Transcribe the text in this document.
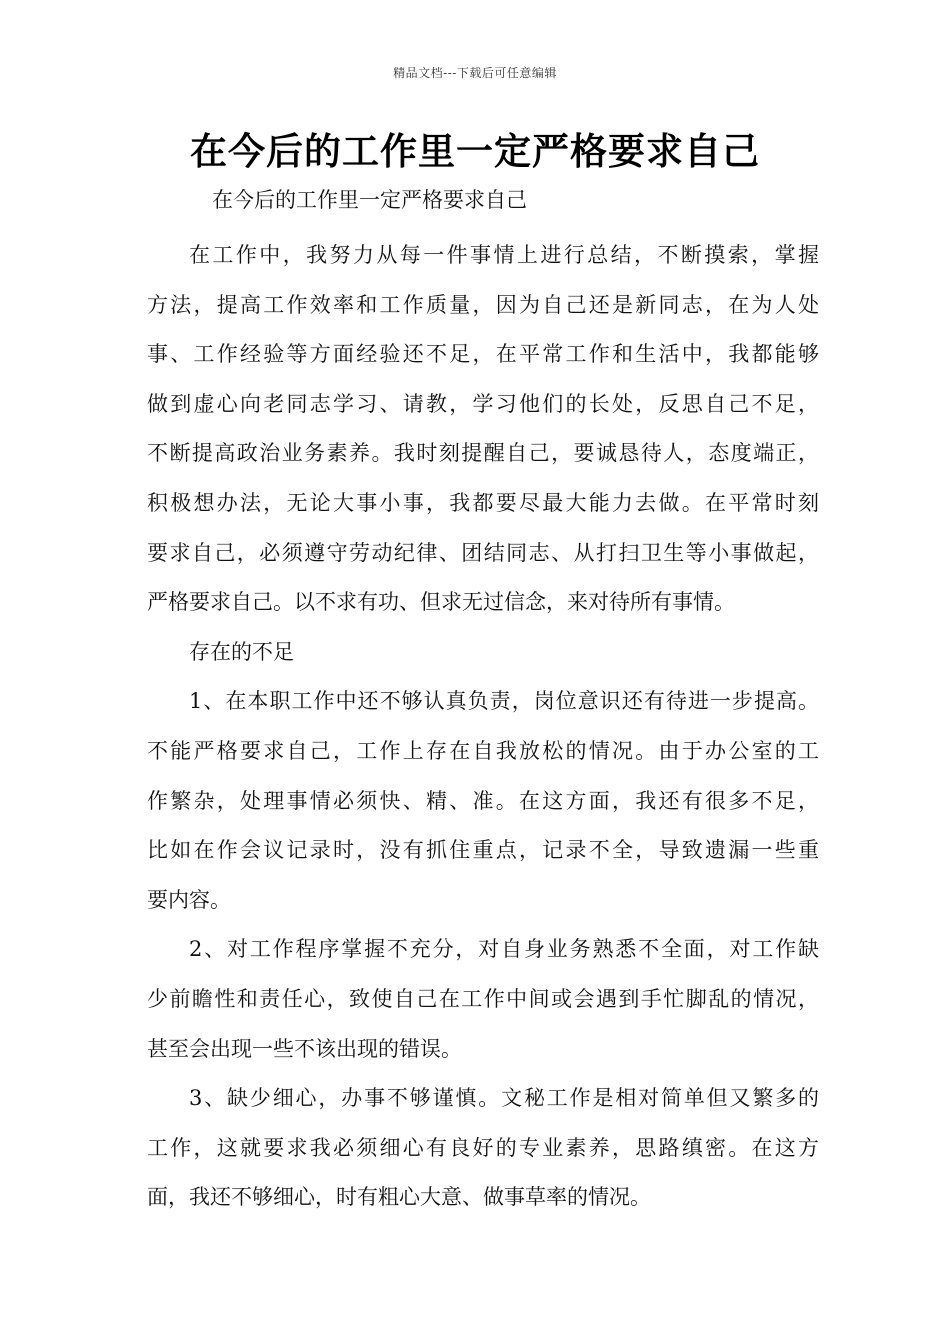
精品文档---下载后可任意编辑
在今后的工作里一定严格要求自己
在今后的工作里一定严格要求自己
在工作中，我努力从每一件事情上进行总结，不断摸索，掌握
方法，提高工作效率和工作质量，因为自己还是新同志，在为人处
事、工作经验等方面经验还不足，在平常工作和生活中，我都能够
做到虚心向老同志学习、请教，学习他们的长处，反思自己不足，
不断提高政治业务素养。我时刻提醒自己，要诚恳待人，态度端正，
积极想办法，无论大事小事，我都要尽最大能力去做。在平常时刻
要求自己，必须遵守劳动纪律、团结同志、从打扫卫生等小事做起，
严格要求自己。以不求有功、但求无过信念，来对待所有事情。
存在的不足
1、在本职工作中还不够认真负责，岗位意识还有待进一步提高。
不能严格要求自己，工作上存在自我放松的情况。由于办公室的工
作繁杂，处理事情必须快、精、准。在这方面，我还有很多不足，
比如在作会议记录时，没有抓住重点，记录不全，导致遗漏一些重
要内容。
2、对工作程序掌握不充分，对自身业务熟悉不全面，对工作缺
少前瞻性和责任心，致使自己在工作中间或会遇到手忙脚乱的情况，
甚至会出现一些不该出现的错误。
3、缺少细心，办事不够谨慎。文秘工作是相对简单但又繁多的
工作，这就要求我必须细心有良好的专业素养，思路缜密。在这方
面，我还不够细心，时有粗心大意、做事草率的情况。
